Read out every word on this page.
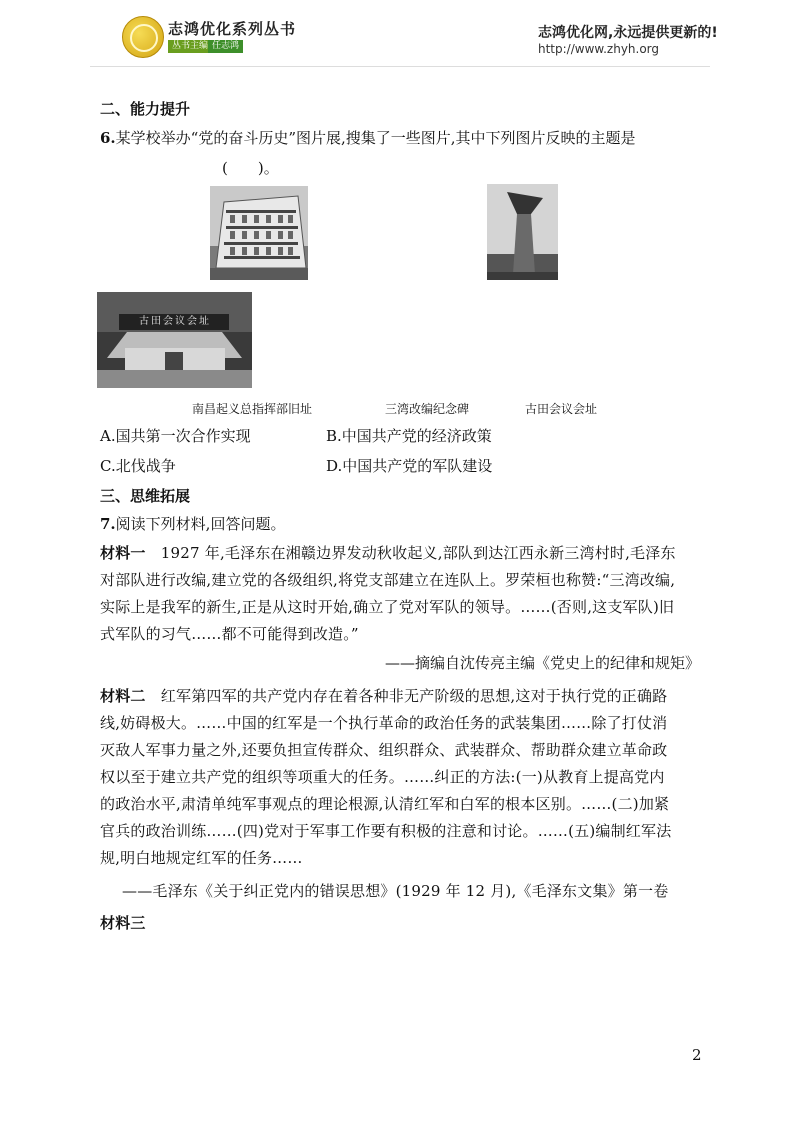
志鸿优化系列丛书
丛书主编 任志鸿
志鸿优化网,永远提供更新的!
http://www.zhyh.org
二、能力提升
6.某学校举办“党的奋斗历史”图片展,搜集了一些图片,其中下列图片反映的主题是
(　　)。
古田会议会址
南昌起义总指挥部旧址	三湾改编纪念碑	古田会议会址
A.国共第一次合作实现	B.中国共产党的经济政策
C.北伐战争	D.中国共产党的军队建设
三、思维拓展
7.阅读下列材料,回答问题。
材料一　1927 年,毛泽东在湘赣边界发动秋收起义,部队到达江西永新三湾村时,毛泽东
对部队进行改编,建立党的各级组织,将党支部建立在连队上。罗荣桓也称赞:“三湾改编,
实际上是我军的新生,正是从这时开始,确立了党对军队的领导。……(否则,这支军队)旧
式军队的习气……都不可能得到改造。”
——摘编自沈传亮主编《党史上的纪律和规矩》
材料二　红军第四军的共产党内存在着各种非无产阶级的思想,这对于执行党的正确路
线,妨碍极大。……中国的红军是一个执行革命的政治任务的武装集团……除了打仗消
灭敌人军事力量之外,还要负担宣传群众、组织群众、武装群众、帮助群众建立革命政
权以至于建立共产党的组织等项重大的任务。……纠正的方法:(一)从教育上提高党内
的政治水平,肃清单纯军事观点的理论根源,认清红军和白军的根本区别。……(二)加紧
官兵的政治训练……(四)党对于军事工作要有积极的注意和讨论。……(五)编制红军法
规,明白地规定红军的任务……
——毛泽东《关于纠正党内的错误思想》(1929 年 12 月),《毛泽东文集》第一卷
材料三
2
